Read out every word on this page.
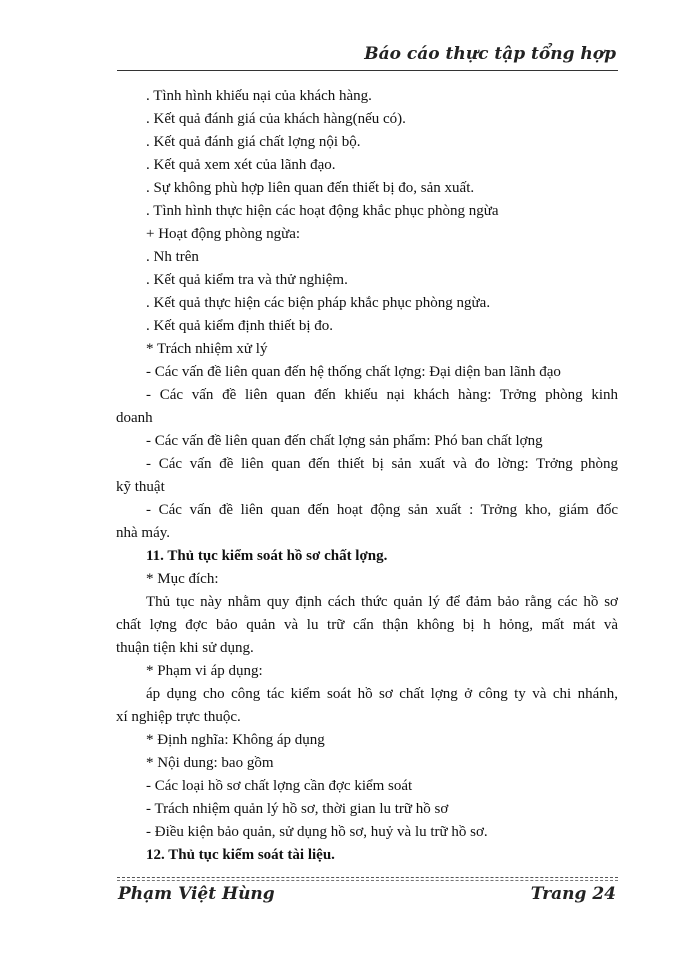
Báo cáo thực tập tổng hợp
. Tình hình khiếu nại của khách hàng.
. Kết quả đánh giá của khách hàng(nếu có).
. Kết quả đánh giá chất lợng nội bộ.
. Kết quả xem xét của lãnh đạo.
. Sự không phù hợp liên quan đến thiết bị đo, sản xuất.
. Tình hình thực hiện các hoạt động khắc phục phòng ngừa
+ Hoạt động phòng ngừa:
. Nh trên
. Kết quả kiểm tra và thử nghiệm.
. Kết quả thực hiện các biện pháp khắc phục phòng ngừa.
. Kết quả kiểm định thiết bị đo.
* Trách nhiệm xử lý
- Các vấn đề liên quan đến hệ thống chất lợng: Đại diện ban lãnh đạo
- Các vấn đề liên quan đến khiếu nại khách hàng: Trởng phòng kinh
doanh
- Các vấn đề liên quan đến chất lợng sản phẩm: Phó ban chất lợng
- Các vấn đề liên quan đến thiết bị sản xuất và đo lờng: Trởng phòng
kỹ thuật
- Các vấn đề liên quan đến hoạt động sản xuất : Trởng kho, giám đốc
nhà máy.
11. Thủ tục kiểm soát hồ sơ chất lợng.
* Mục đích:
Thủ tục này nhằm quy định cách thức quản lý để đảm bảo rằng các hồ sơ
chất lợng đợc bảo quản và lu trữ cẩn thận không bị h hỏng, mất mát và
thuận tiện khi sử dụng.
* Phạm vi áp dụng:
áp dụng cho công tác kiểm soát hồ sơ chất lợng ở công ty và chi nhánh,
xí nghiệp trực thuộc.
* Định nghĩa: Không áp dụng
* Nội dung: bao gồm
- Các loại hồ sơ chất lợng cần đợc kiểm soát
- Trách nhiệm quản lý hồ sơ, thời gian lu trữ hồ sơ
- Điều kiện bảo quản, sử dụng hồ sơ, huỷ và lu trữ hồ sơ.
12. Thủ tục kiểm soát tài liệu.
Phạm Việt Hùng	Trang 24
